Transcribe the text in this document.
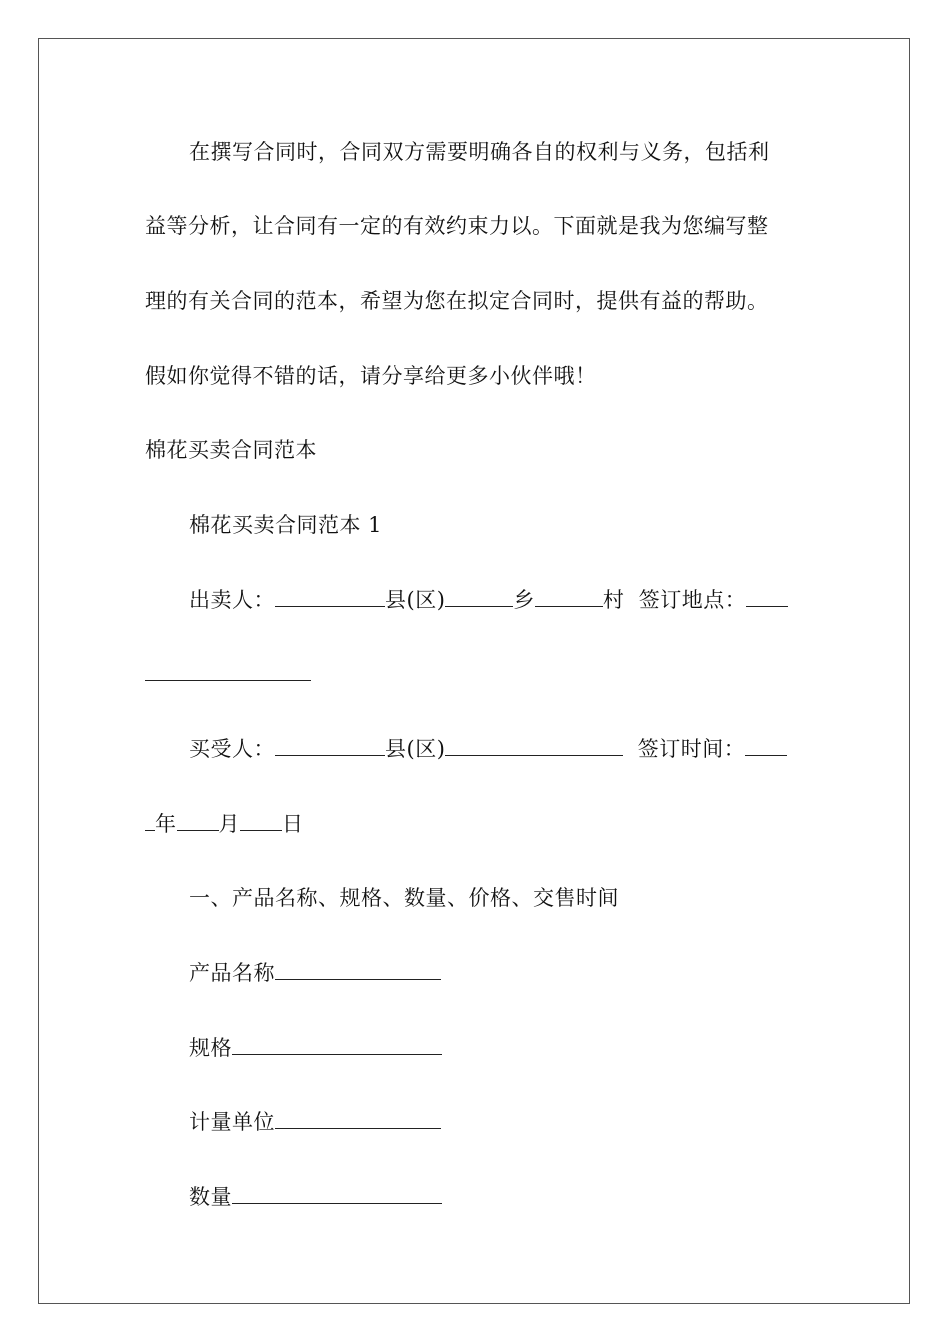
在撰写合同时，合同双方需要明确各自的权利与义务，包括利
益等分析，让合同有一定的有效约束力以。下面就是我为您编写整
理的有关合同的范本，希望为您在拟定合同时，提供有益的帮助。
假如你觉得不错的话，请分享给更多小伙伴哦！
棉花买卖合同范本
棉花买卖合同范本 1
出卖人：	县(区)	乡	村 签订地点：
买受人：	县(区)	签订时间：
年 月 日
一、产品名称、规格、数量、价格、交售时间
产品名称
规格
计量单位
数量
